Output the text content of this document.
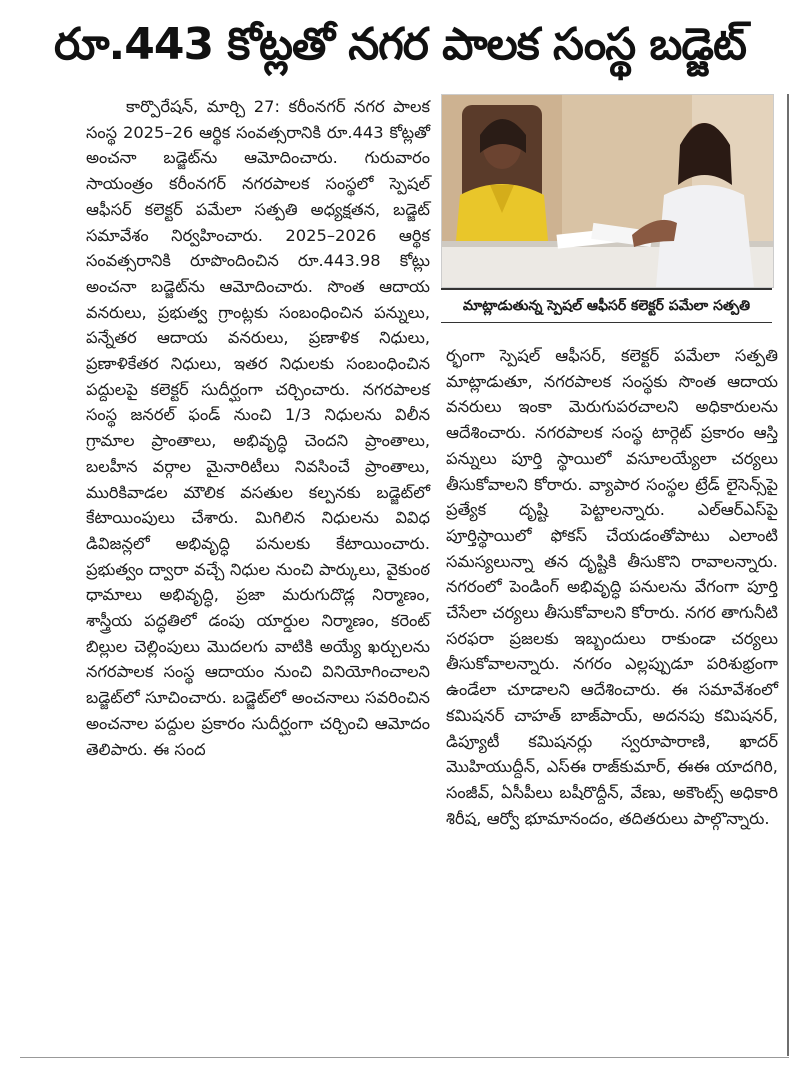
రూ.443 కోట్లతో నగర పాలక సంస్థ బడ్జెట్

కార్పొరేషన్, మార్చి 27: కరీంనగర్ నగర పాలక సంస్థ 2025–26 ఆర్థిక సంవత్సరానికి రూ.443 కోట్లతో అంచనా బడ్జెట్‌ను ఆమోదించారు. గురువారం సాయంత్రం కరీంనగర్ నగరపాలక సంస్థలో స్పెషల్ ఆఫీసర్ కలెక్టర్ పమేలా సత్పతి అధ్యక్షతన, బడ్జెట్ సమావేశం నిర్వహించారు. 2025–2026 ఆర్థిక సంవత్సరానికి రూపొందించిన రూ.443.98 కోట్లు అంచనా బడ్జెట్‌ను ఆమోదించారు. సొంత ఆదాయ వనరులు, ప్రభుత్వ గ్రాంట్లకు సంబంధించిన పన్నులు, పన్నేతర ఆదాయ వనరులు, ప్రణాళిక నిధులు, ప్రణాళికేతర నిధులు, ఇతర నిధులకు సంబంధించిన పద్దులపై కలెక్టర్ సుదీర్ఘంగా చర్చించారు. నగరపాలక సంస్థ జనరల్ ఫండ్ నుంచి 1/3 నిధులను విలీన గ్రామాల ప్రాంతాలు, అభివృద్ధి చెందని ప్రాంతాలు, బలహీన వర్గాల మైనారిటీలు నివసించే ప్రాంతాలు, మురికివాడల మౌలిక వసతుల కల్పనకు బడ్జెట్‌లో కేటాయింపులు చేశారు. మిగిలిన నిధులను వివిధ డివిజన్లలో అభివృద్ధి పనులకు కేటాయించారు. ప్రభుత్వం ద్వారా వచ్చే నిధుల నుంచి పార్కులు, వైకుంఠ ధామాలు అభివృద్ధి, ప్రజా మరుగుదొడ్ల నిర్మాణం, శాస్త్రీయ పద్ధతిలో డంపు యార్డుల నిర్మాణం, కరెంట్ బిల్లుల చెల్లింపులు మొదలగు వాటికి అయ్యే ఖర్చులను నగరపాలక సంస్థ ఆదాయం నుంచి వినియోగించాలని బడ్జెట్‌లో సూచించారు. బడ్జెట్‌లో అంచనాలు సవరించిన అంచనాల పద్దుల ప్రకారం సుదీర్ఘంగా చర్చించి ఆమోదం తెలిపారు. ఈ సంద

మాట్లాడుతున్న స్పెషల్ ఆఫీసర్ కలెక్టర్ పమేలా సత్పతి

ర్భంగా స్పెషల్ ఆఫీసర్, కలెక్టర్ పమేలా సత్పతి మాట్లాడుతూ, నగరపాలక సంస్థకు సొంత ఆదాయ వనరులు ఇంకా మెరుగుపరచాలని అధికారులను ఆదేశించారు. నగరపాలక సంస్థ టార్గెట్ ప్రకారం ఆస్తి పన్నులు పూర్తి స్థాయిలో వసూలయ్యేలా చర్యలు తీసుకోవాలని కోరారు. వ్యాపార సంస్థల ట్రేడ్ లైసెన్స్‌పై ప్రత్యేక దృష్టి పెట్టాలన్నారు. ఎల్‌ఆర్‌ఎస్‌పై పూర్తిస్థాయిలో ఫోకస్ చేయడంతోపాటు ఎలాంటి సమస్యలున్నా తన దృష్టికి తీసుకొని రావాలన్నారు. నగరంలో పెండింగ్ అభివృద్ధి పనులను వేగంగా పూర్తి చేసేలా చర్యలు తీసుకోవాలని కోరారు. నగర తాగునీటి సరఫరా ప్రజలకు ఇబ్బందులు రాకుండా చర్యలు తీసుకోవాలన్నారు. నగరం ఎల్లప్పుడూ పరిశుభ్రంగా ఉండేలా చూడాలని ఆదేశించారు. ఈ సమావేశంలో కమిషనర్ చాహత్ బాజ్‌పాయ్, అదనపు కమిషనర్, డిప్యూటీ కమిషనర్లు స్వరూపారాణి, ఖాదర్ మొహియుద్దీన్, ఎస్ఈ రాజ్‌కుమార్, ఈఈ యాదగిరి, సంజీవ్, ఏసీపీలు బషీరొద్దీన్, వేణు, అకౌంట్స్ అధికారి శిరీష, ఆర్వో భూమానందం, తదితరులు పాల్గొన్నారు.
